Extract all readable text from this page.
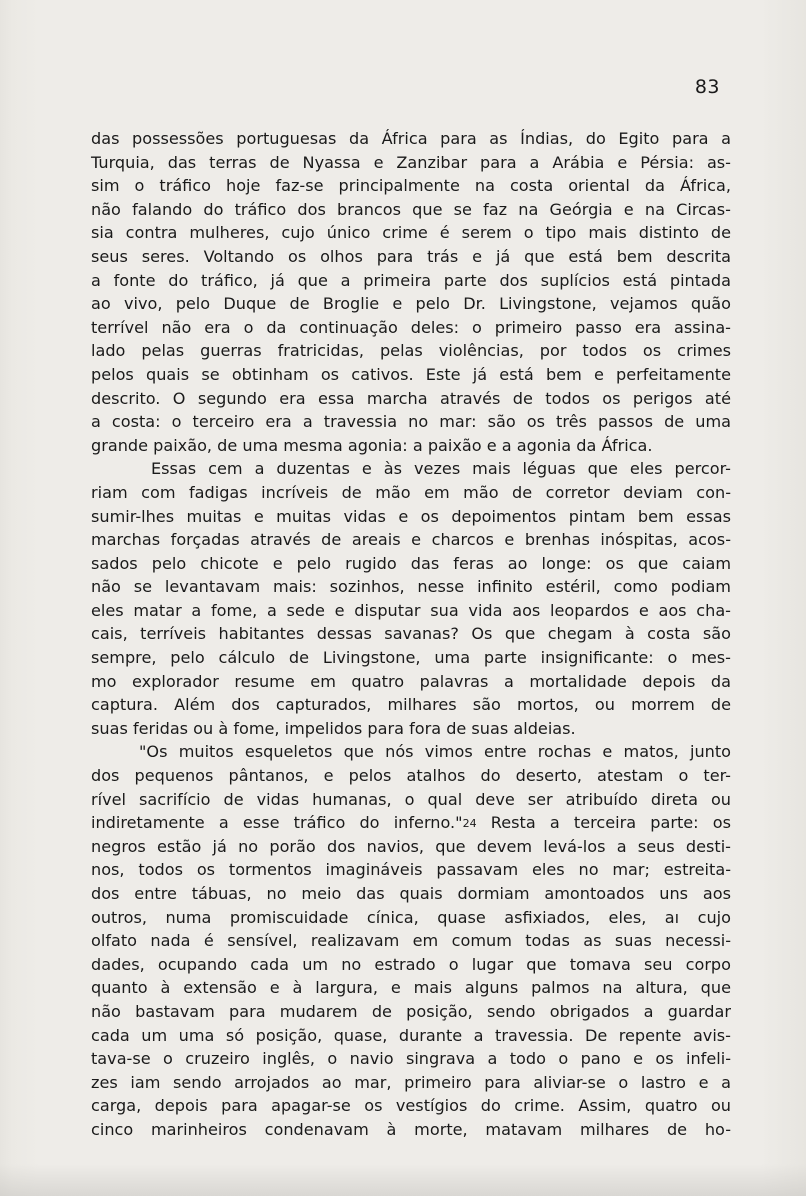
83
das possessões portuguesas da África para as Índias, do Egito para a
Turquia, das terras de Nyassa e Zanzibar para a Arábia e Pérsia: as-
sim o tráfico hoje faz-se principalmente na costa oriental da África,
não falando do tráfico dos brancos que se faz na Geórgia e na Circas-
sia contra mulheres, cujo único crime é serem o tipo mais distinto de
seus seres. Voltando os olhos para trás e já que está bem descrita
a fonte do tráfico, já que a primeira parte dos suplícios está pintada
ao vivo, pelo Duque de Broglie e pelo Dr. Livingstone, vejamos quão
terrível não era o da continuação deles: o primeiro passo era assina-
lado pelas guerras fratricidas, pelas violências, por todos os crimes
pelos quais se obtinham os cativos. Este já está bem e perfeitamente
descrito. O segundo era essa marcha através de todos os perigos até
a costa: o terceiro era a travessia no mar: são os três passos de uma
grande paixão, de uma mesma agonia: a paixão e a agonia da África.
Essas cem a duzentas e às vezes mais léguas que eles percor-
riam com fadigas incríveis de mão em mão de corretor deviam con-
sumir-lhes muitas e muitas vidas e os depoimentos pintam bem essas
marchas forçadas através de areais e charcos e brenhas inóspitas, acos-
sados pelo chicote e pelo rugido das feras ao longe: os que caiam
não se levantavam mais: sozinhos, nesse infinito estéril, como podiam
eles matar a fome, a sede e disputar sua vida aos leopardos e aos cha-
cais, terríveis habitantes dessas savanas? Os que chegam à costa são
sempre, pelo cálculo de Livingstone, uma parte insignificante: o mes-
mo explorador resume em quatro palavras a mortalidade depois da
captura. Além dos capturados, milhares são mortos, ou morrem de
suas feridas ou à fome, impelidos para fora de suas aldeias.
"Os muitos esqueletos que nós vimos entre rochas e matos, junto
dos pequenos pântanos, e pelos atalhos do deserto, atestam o ter-
rível sacrifício de vidas humanas, o qual deve ser atribuído direta ou
indiretamente a esse tráfico do inferno."24 Resta a terceira parte: os
negros estão já no porão dos navios, que devem levá-los a seus desti-
nos, todos os tormentos imagináveis passavam eles no mar; estreita-
dos entre tábuas, no meio das quais dormiam amontoados uns aos
outros, numa promiscuidade cínica, quase asfixiados, eles, aı cujo
olfato nada é sensível, realizavam em comum todas as suas necessi-
dades, ocupando cada um no estrado o lugar que tomava seu corpo
quanto à extensão e à largura, e mais alguns palmos na altura, que
não bastavam para mudarem de posição, sendo obrigados a guardar
cada um uma só posição, quase, durante a travessia. De repente avis-
tava-se o cruzeiro inglês, o navio singrava a todo o pano e os infeli-
zes iam sendo arrojados ao mar, primeiro para aliviar-se o lastro e a
carga, depois para apagar-se os vestígios do crime. Assim, quatro ou
cinco marinheiros condenavam à morte, matavam milhares de ho-
